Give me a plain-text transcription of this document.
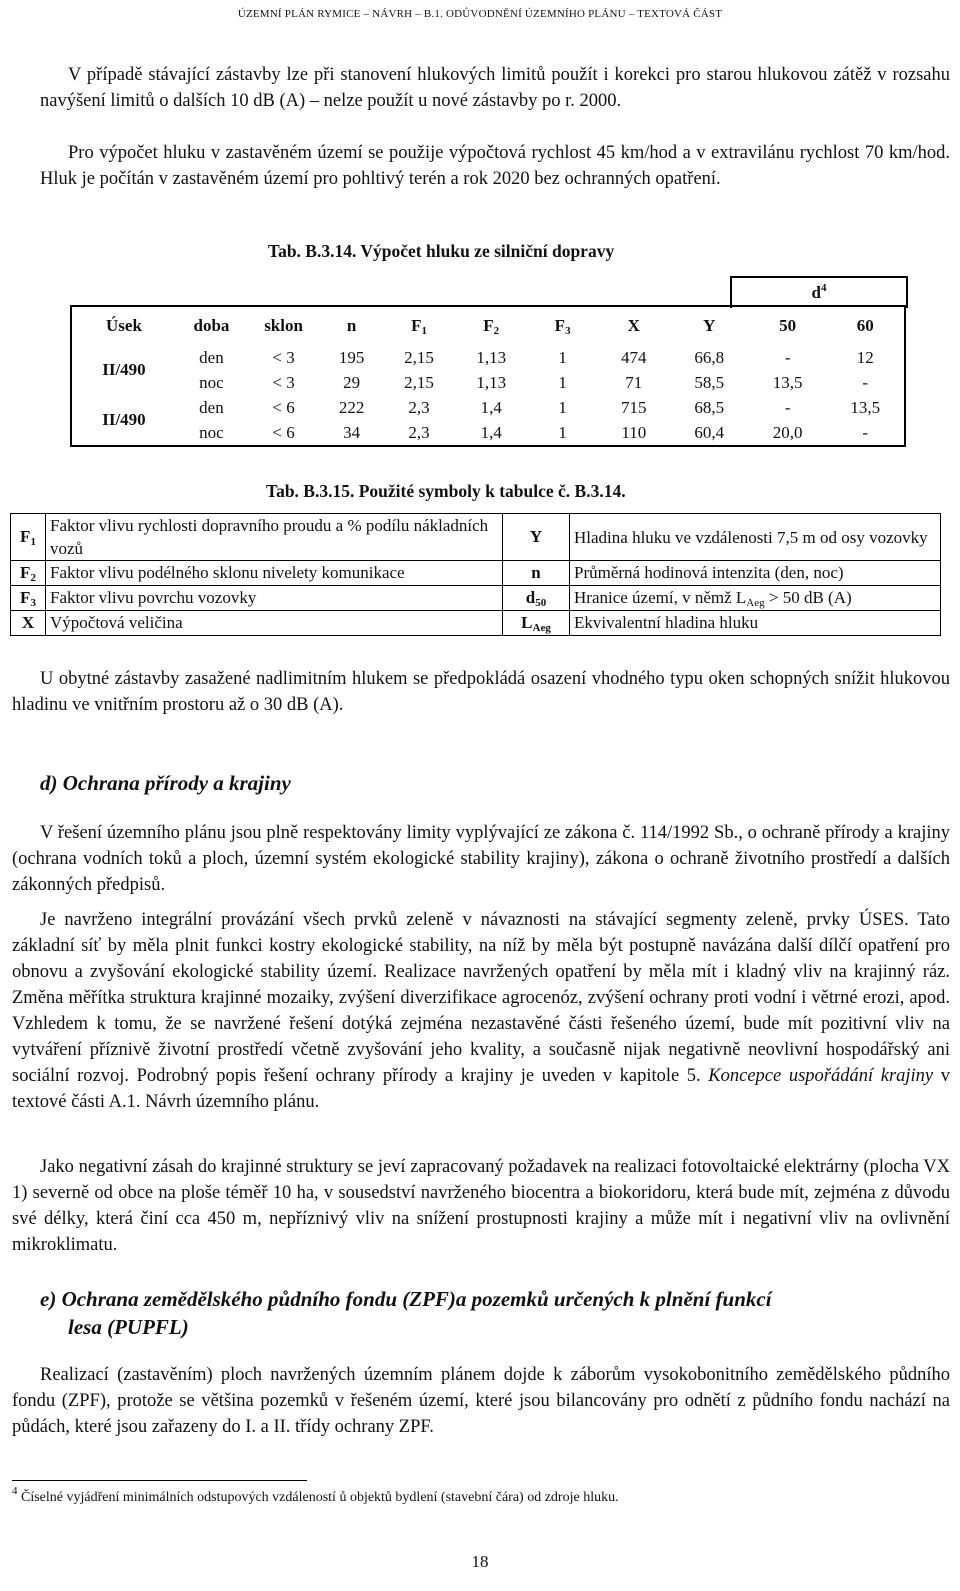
ÚZEMNÍ PLÁN RYMICE – NÁVRH – B.1. ODŮVODNĚNÍ ÚZEMNÍHO PLÁNU – TEXTOVÁ ČÁST

V případě stávající zástavby lze při stanovení hlukových limitů použít i korekci pro starou hlukovou zátěž v rozsahu navýšení limitů o dalších 10 dB (A) – nelze použít u nové zástavby po r. 2000.

Pro výpočet hluku v zastavěném území se použije výpočtová rychlost 45 km/hod a v extravilánu rychlost 70 km/hod. Hluk je počítán v zastavěném území pro pohltivý terén a rok 2020 bez ochranných opatření.

Tab. B.3.14. Výpočet hluku ze silniční dopravy
$d^4$
Úsek	doba	sklon	n	$F_1$	$F_2$	$F_3$	X	Y	50	60
II/490	den	< 3	195	2,15	1,13	1	474	66,8	-	12
	noc	< 3	29	2,15	1,13	1	71	58,5	13,5	-
II/490	den	< 6	222	2,3	1,4	1	715	68,5	-	13,5
	noc	< 6	34	2,3	1,4	1	110	60,4	20,0	-
Tab. B.3.15. Použité symboly k tabulce č. B.3.14.
$F_1$	Faktor vlivu rychlosti dopravního proudu a % podílu nákladních vozů	Y	Hladina hluku ve vzdálenosti 7,5 m od osy vozovky
$F_2$	Faktor vlivu podélného sklonu nivelety komunikace	n	Průměrná hodinová intenzita (den, noc)
$F_3$	Faktor vlivu povrchu vozovky	$d_{50}$	Hranice území, v němž $L_{Aeg} > 50$ dB (A)
X	Výpočtová veličina	$L_{Aeg}$	Ekvivalentní hladina hluku

U obytné zástavby zasažené nadlimitním hlukem se předpokládá osazení vhodného typu oken schopných snížit hlukovou hladinu ve vnitřním prostoru až o 30 dB (A).

d) Ochrana přírody a krajiny

V řešení územního plánu jsou plně respektovány limity vyplývající ze zákona č. 114/1992 Sb., o ochraně přírody a krajiny (ochrana vodních toků a ploch, územní systém ekologické stability krajiny), zákona o ochraně životního prostředí a dalších zákonných předpisů.

Je navrženo integrální provázání všech prvků zeleně v návaznosti na stávající segmenty zeleně, prvky ÚSES. Tato základní síť by měla plnit funkci kostry ekologické stability, na níž by měla být postupně navázána další dílčí opatření pro obnovu a zvyšování ekologické stability území. Realizace navržených opatření by měla mít i kladný vliv na krajinný ráz. Změna měřítka struktura krajinné mozaiky, zvýšení diverzifikace agrocenóz, zvýšení ochrany proti vodní i větrné erozi, apod. Vzhledem k tomu, že se navržené řešení dotýká zejména nezastavěné části řešeného území, bude mít pozitivní vliv na vytváření příznivě životní prostředí včetně zvyšování jeho kvality, a současně nijak negativně neovlivní hospodářský ani sociální rozvoj. Podrobný popis řešení ochrany přírody a krajiny je uveden v kapitole 5. Koncepce uspořádání krajiny v textové části A.1. Návrh územního plánu.

Jako negativní zásah do krajinné struktury se jeví zapracovaný požadavek na realizaci fotovoltaické elektrárny (plocha VX 1) severně od obce na ploše téměř 10 ha, v sousedství navrženého biocentra a biokoridoru, která bude mít, zejména z důvodu své délky, která činí cca 450 m, nepříznivý vliv na snížení prostupnosti krajiny a může mít i negativní vliv na ovlivnění mikroklimatu.

e) Ochrana zemědělského půdního fondu (ZPF)a pozemků určených k plnění funkcí
lesa (PUPFL)

Realizací (zastavěním) ploch navržených územním plánem dojde k záborům vysokobonitního zemědělského půdního fondu (ZPF), protože se většina pozemků v řešeném území, které jsou bilancovány pro odnětí z půdního fondu nachází na půdách, které jsou zařazeny do I. a II. třídy ochrany ZPF.

$^4$ Číselné vyjádření minimálních odstupových vzdáleností ů objektů bydlení (stavební čára) od zdroje hluku.
18
